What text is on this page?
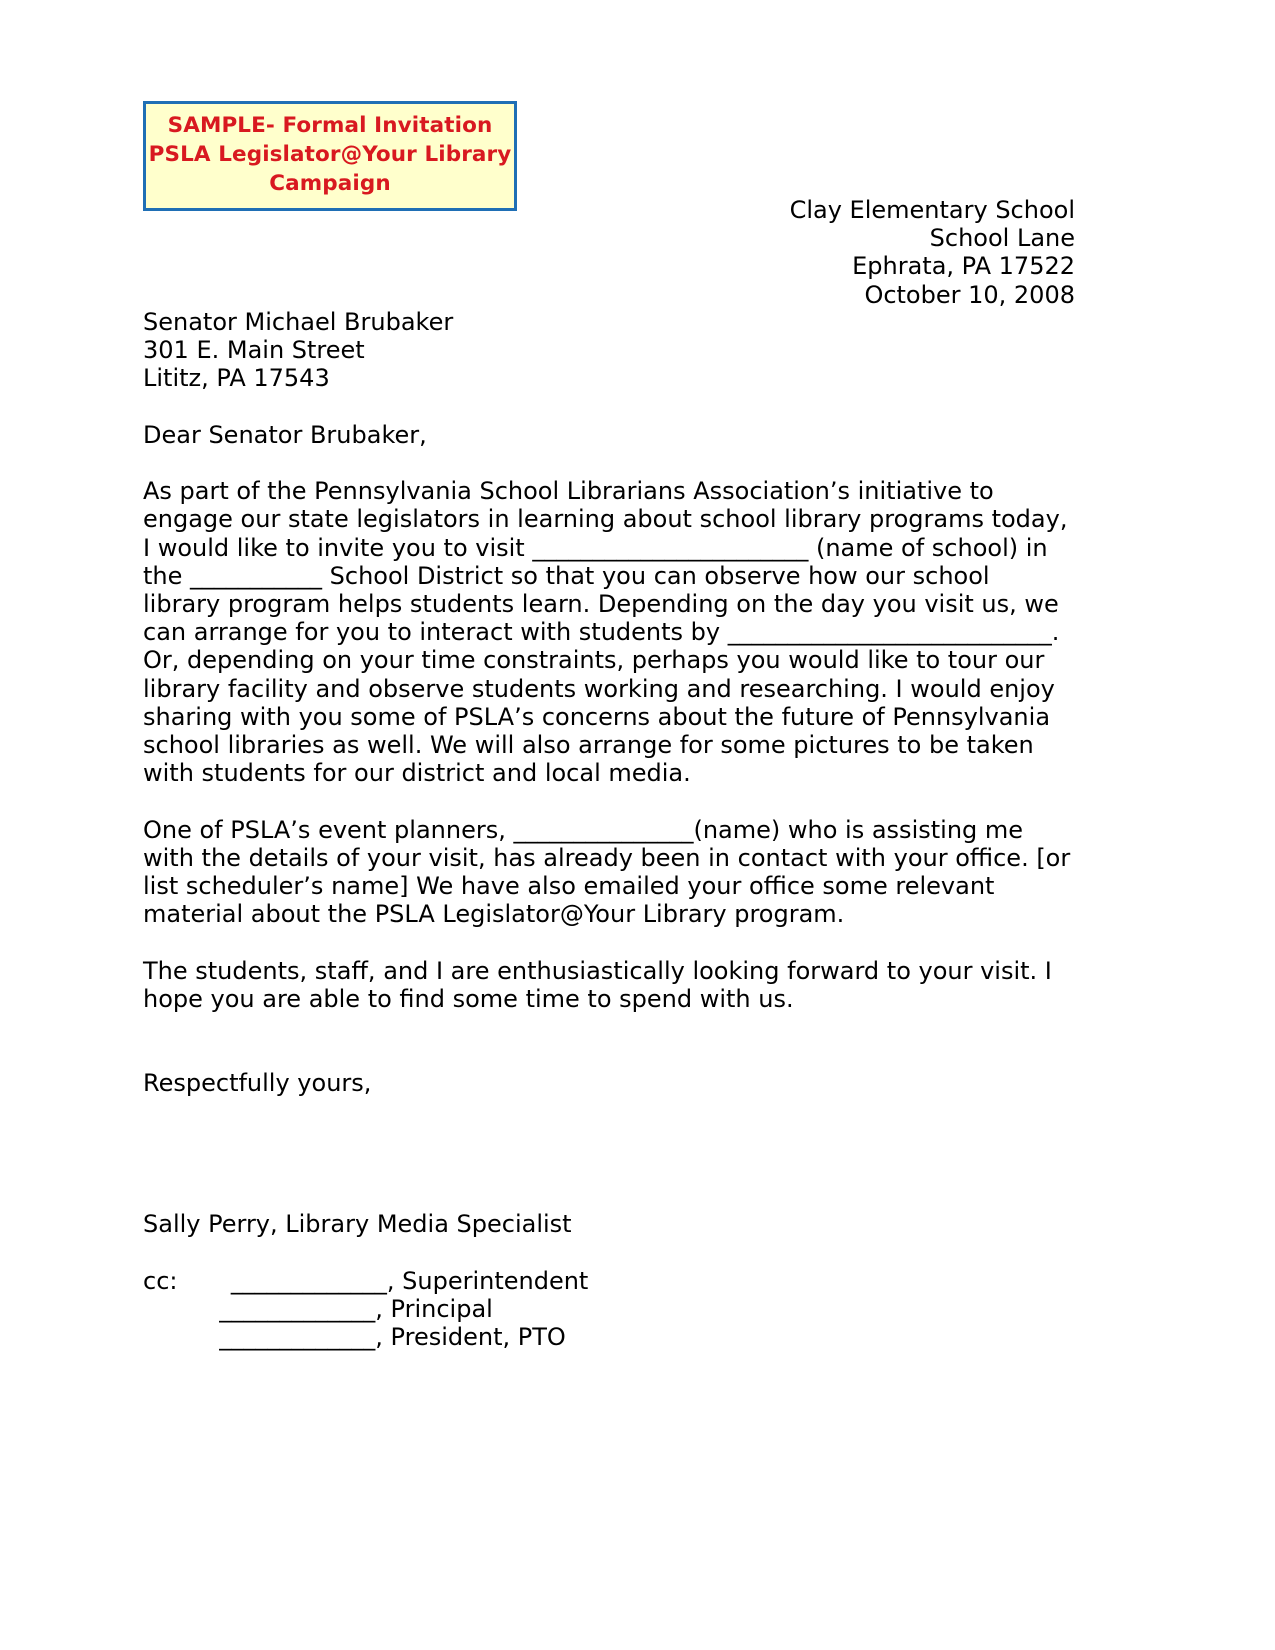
SAMPLE- Formal Invitation
PSLA Legislator@Your Library
Campaign
Clay Elementary School
School Lane
Ephrata, PA 17522
October 10, 2008
Senator Michael Brubaker
301 E. Main Street
Lititz, PA 17543
Dear Senator Brubaker,

As part of the Pennsylvania School Librarians Association’s initiative to engage our state legislators in learning about school library programs today, I would like to invite you to visit _______________________ (name of school) in the ___________ School District so that you can observe how our school library program helps students learn. Depending on the day you visit us, we can arrange for you to interact with students by ___________________________. Or, depending on your time constraints, perhaps you would like to tour our library facility and observe students working and researching. I would enjoy sharing with you some of PSLA’s concerns about the future of Pennsylvania school libraries as well. We will also arrange for some pictures to be taken with students for our district and local media.

One of PSLA’s event planners, _______________(name) who is assisting me with the details of your visit, has already been in contact with your office. [or list scheduler’s name] We have also emailed your office some relevant material about the PSLA Legislator@Your Library program.

The students, staff, and I are enthusiastically looking forward to your visit. I hope you are able to find some time to spend with us.

Respectfully yours,
Sally Perry, Library Media Specialist
cc:       _____________, Superintendent
_____________, Principal
_____________, President, PTO
